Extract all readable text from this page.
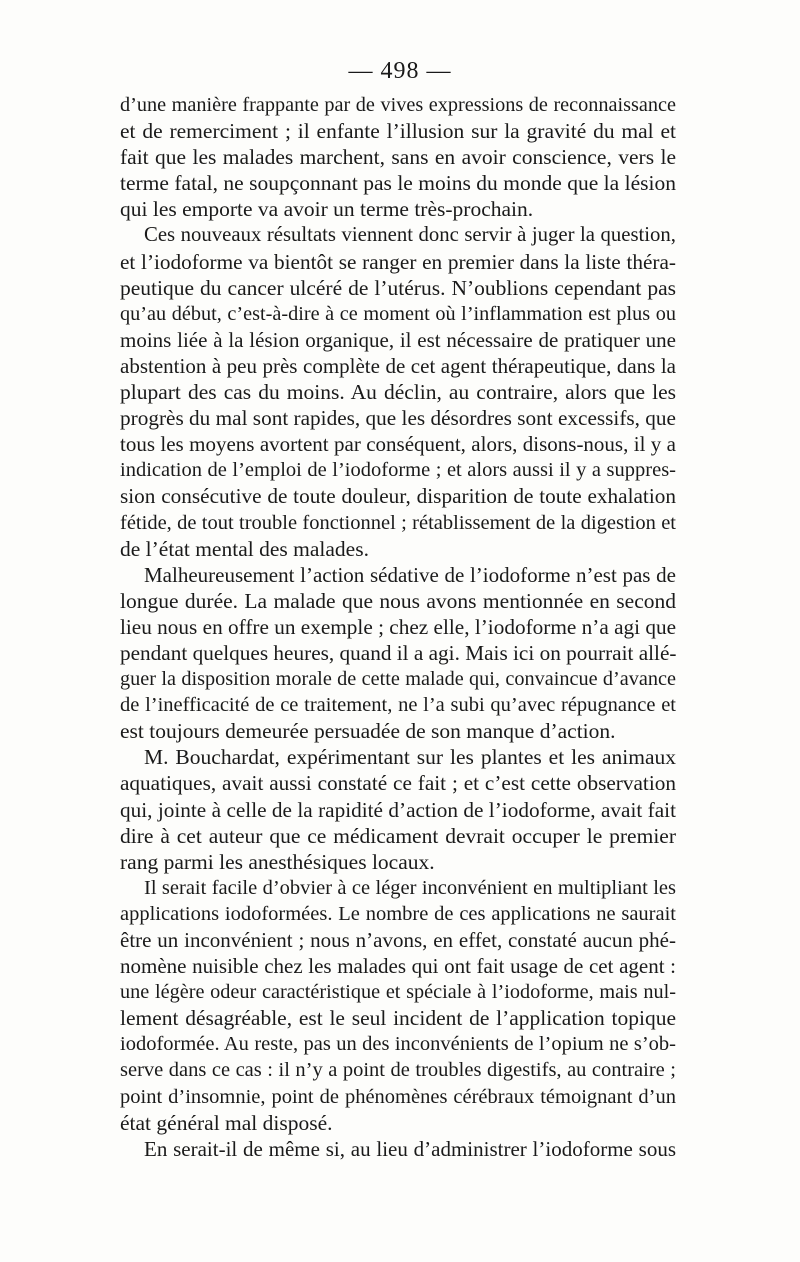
— 498 —
d’une manière frappante par de vives expressions de reconnaissance
et de remerciment ; il enfante l’illusion sur la gravité du mal et
fait que les malades marchent, sans en avoir conscience, vers le
terme fatal, ne soupçonnant pas le moins du monde que la lésion
qui les emporte va avoir un terme très-prochain.
Ces nouveaux résultats viennent donc servir à juger la question,
et l’iodoforme va bientôt se ranger en premier dans la liste théra-
peutique du cancer ulcéré de l’utérus. N’oublions cependant pas
qu’au début, c’est-à-dire à ce moment où l’inflammation est plus ou
moins liée à la lésion organique, il est nécessaire de pratiquer une
abstention à peu près complète de cet agent thérapeutique, dans la
plupart des cas du moins. Au déclin, au contraire, alors que les
progrès du mal sont rapides, que les désordres sont excessifs, que
tous les moyens avortent par conséquent, alors, disons-nous, il y a
indication de l’emploi de l’iodoforme ; et alors aussi il y a suppres-
sion consécutive de toute douleur, disparition de toute exhalation
fétide, de tout trouble fonctionnel ; rétablissement de la digestion et
de l’état mental des malades.
Malheureusement l’action sédative de l’iodoforme n’est pas de
longue durée. La malade que nous avons mentionnée en second
lieu nous en offre un exemple ; chez elle, l’iodoforme n’a agi que
pendant quelques heures, quand il a agi. Mais ici on pourrait allé-
guer la disposition morale de cette malade qui, convaincue d’avance
de l’inefficacité de ce traitement, ne l’a subi qu’avec répugnance et
est toujours demeurée persuadée de son manque d’action.
M. Bouchardat, expérimentant sur les plantes et les animaux
aquatiques, avait aussi constaté ce fait ; et c’est cette observation
qui, jointe à celle de la rapidité d’action de l’iodoforme, avait fait
dire à cet auteur que ce médicament devrait occuper le premier
rang parmi les anesthésiques locaux.
Il serait facile d’obvier à ce léger inconvénient en multipliant les
applications iodoformées. Le nombre de ces applications ne saurait
être un inconvénient ; nous n’avons, en effet, constaté aucun phé-
nomène nuisible chez les malades qui ont fait usage de cet agent :
une légère odeur caractéristique et spéciale à l’iodoforme, mais nul-
lement désagréable, est le seul incident de l’application topique
iodoformée. Au reste, pas un des inconvénients de l’opium ne s’ob-
serve dans ce cas : il n’y a point de troubles digestifs, au contraire ;
point d’insomnie, point de phénomènes cérébraux témoignant d’un
état général mal disposé.
En serait-il de même si, au lieu d’administrer l’iodoforme sous
